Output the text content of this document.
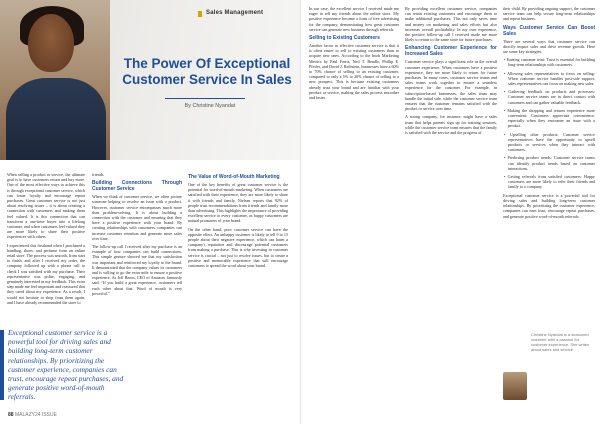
Sales Management
The Power Of Exceptional Customer Service In Sales
By Christine Nyandat

When selling a product or service, the ultimate goal is to have customers return and buy more. One of the most effective ways to achieve this is through exceptional customer service, which can foster loyalty and encourage repeat purchases. Great customer service is not just about resolving issues – it is about creating a connection with customers and making them feel valued. It is this connection that can transform a one-time buyer into a lifelong customer, and when customers feel valued they are more likely to share their positive experiences with others.

I experienced this firsthand when I purchased a handbag, shoes, and perfume from an online retail store. The process was smooth, from start to finish, and after I received my order, the company followed up with a phone call to check I was satisfied with my purchase. Their representative was polite, engaging, and genuinely interested in my feedback. This extra step made me feel important and reassured that they cared about my experience. As a result, I would not hesitate to shop from them again, and I have already recommended the store to

friends.

Building Connections Through Customer Service

When we think of customer service, we often picture someone helping to resolve an issue with a product. However, customer service encompasses much more than problem-solving. It is about building a connection with the customer and ensuring that they have a positive experience with your brand. By creating relationships with customers, companies can increase customer retention and generate more sales over time.

The follow-up call I received after my purchase is an example of how companies can build connections. This simple gesture showed me that my satisfaction was important and reinforced my loyalty to the brand. It demonstrated that the company values its customers and is willing to go the extra mile to ensure a positive experience. As Jeff Bezos, CEO of Amazon, famously said, “If you build a great experience, customers tell each other about that. Word of mouth is very powerful.”

The Value of Word-of-Mouth Marketing

One of the key benefits of great customer service is the potential for word-of-mouth marketing. When customers are satisfied with their experience, they are more likely to share it with friends and family. Nielsen reports that 92% of people trust recommendations from friends and family more than advertising. This highlights the importance of providing excellent service to every customer, as happy customers are natural promoters of your brand.

On the other hand, poor customer service can have the opposite effect. An unhappy customer is likely to tell 9 to 15 people about their negative experience, which can harm a company's reputation and discourage potential customers from making a purchase. This is why investing in customer service is crucial – not just to resolve issues, but to create a positive and memorable experience that will encourage customers to spread the word about your brand.

Exceptional customer service is a powerful tool for driving sales and building long-term customer relationships. By prioritizing the customer experience, companies can trust, encourage repeat purchases, and generate positive word-of-mouth referrals.
88 MALAZY24 ISSUE

In our case, the excellent service I received made me eager to tell my friends about the online store. My positive experience became a form of free advertising for the company, demonstrating how great customer service can generate new business through referrals.

Selling to Existing Customers

Another factor in effective customer service is that it is often easier to sell to existing customers than to acquire new ones. According to the book Marketing Metrics by Paul Farris, Neil T. Bendle, Phillip E. Pfeifer, and David J. Reibstein, businesses have a 60% to 70% chance of selling to an existing customer, compared to only a 5% to 20% chance of selling to a new prospect. This is because existing customers already trust your brand and are familiar with your product or service, making the sales process smoother and faster.

By providing excellent customer service, companies can retain existing customers and encourage them to make additional purchases. This not only saves time and money on marketing and sales efforts but also increases overall profitability. In my own experience, the positive follow-up call I received made me more likely to return to the same store for future purchases.

Enhancing Customer Experience for Increased Sales

Customer service plays a significant role in the overall customer experience. When customers have a positive experience, they are more likely to return for future purchases. In many cases, customer service teams and sales teams work together to ensure a seamless experience for the customer. For example, in subscription-based businesses, the sales team may handle the initial sale, while the customer service team ensures that the customer remains satisfied with the product or service over time.

A strong company, for instance, might have a sales team that helps parents sign up for training sessions, while the customer service team ensures that the family is satisfied with the service and the progress of

their child. By providing ongoing support, the customer service team can help secure long-term relationships and repeat business.

Ways Customer Service Can Boost Sales

There are several ways that customer service can directly impact sales and drive revenue growth. Here are some key strategies:

• Earning customer trust: Trust is essential for building long-term relationships with customers.

• Allowing sales representatives to focus on selling: When customer service handles post-sale support, sales representatives can focus on making new sales.

• Gathering feedback on products and processes: Customer service teams are in direct contact with customers and can gather valuable feedback.

• Making the shopping and returns experience more convenient: Customers appreciate convenience, especially when they encounter an issue with a product.

• Upselling other products: Customer service representatives have the opportunity to upsell products or services when they interact with customers.

• Predicting product trends: Customer service teams can identify product trends based on customer interactions.

• Getting referrals from satisfied customers: Happy customers are more likely to refer their friends and family to a company.

Exceptional customer service is a powerful tool for driving sales and building long-term customer relationships. By prioritizing the customer experience, companies can earn trust, encourage repeat purchases, and generate positive word-of-mouth referrals.

Christine Nyandat is a seasoned marketer with a passion for customer experience. She writes about sales and service.
